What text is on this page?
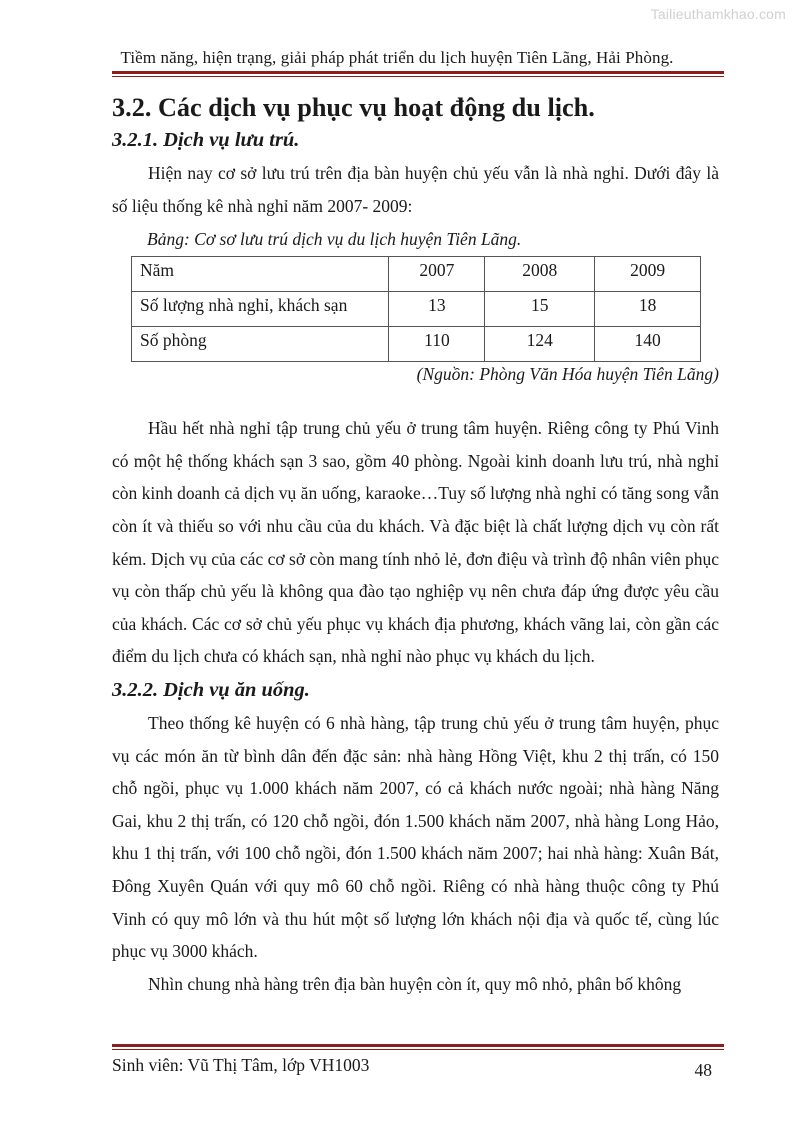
Tailieuthamkhao.com
Tiềm năng, hiện trạng, giải pháp phát triển du lịch huyện Tiên Lãng, Hải Phòng.
3.2. Các dịch vụ phục vụ hoạt động du lịch.
3.2.1. Dịch vụ lưu trú.

Hiện nay cơ sở lưu trú trên địa bàn huyện chủ yếu vẫn là nhà nghỉ. Dưới đây là số liệu thống kê nhà nghỉ năm 2007- 2009:

Bảng: Cơ sơ lưu trú dịch vụ du lịch huyện Tiên Lãng.

Năm	2007	2008	2009
Số lượng nhà nghỉ, khách sạn	13	15	18
Số phòng	110	124	140

(Nguồn: Phòng Văn Hóa huyện Tiên Lãng)

Hầu hết nhà nghỉ tập trung chủ yếu ở trung tâm huyện. Riêng công ty Phú Vinh có một hệ thống khách sạn 3 sao, gồm 40 phòng. Ngoài kinh doanh lưu trú, nhà nghỉ còn kinh doanh cả dịch vụ ăn uống, karaoke…Tuy số lượng nhà nghỉ có tăng song vẫn còn ít và thiếu so với nhu cầu của du khách. Và đặc biệt là chất lượng dịch vụ còn rất kém. Dịch vụ của các cơ sở còn mang tính nhỏ lẻ, đơn điệu và trình độ nhân viên phục vụ còn thấp chủ yếu là không qua đào tạo nghiệp vụ nên chưa đáp ứng được yêu cầu của khách. Các cơ sở chủ yếu phục vụ khách địa phương, khách vãng lai, còn gần các điểm du lịch chưa có khách sạn, nhà nghỉ nào phục vụ khách du lịch.

3.2.2. Dịch vụ ăn uống.

Theo thống kê huyện có 6 nhà hàng, tập trung chủ yếu ở trung tâm huyện, phục vụ các món ăn từ bình dân đến đặc sản: nhà hàng Hồng Việt, khu 2 thị trấn, có 150 chỗ ngồi, phục vụ 1.000 khách năm 2007, có cả khách nước ngoài; nhà hàng Năng Gai, khu 2 thị trấn, có 120 chỗ ngồi, đón 1.500 khách năm 2007, nhà hàng Long Hảo, khu 1 thị trấn, với 100 chỗ ngồi, đón 1.500 khách năm 2007; hai nhà hàng: Xuân Bát, Đông Xuyên Quán với quy mô 60 chỗ ngồi. Riêng có nhà hàng thuộc công ty Phú Vinh có quy mô lớn và thu hút một số lượng lớn khách nội địa và quốc tế, cùng lúc phục vụ 3000 khách.

Nhìn chung nhà hàng trên địa bàn huyện còn ít, quy mô nhỏ, phân bố không

Sinh viên: Vũ Thị Tâm, lớp VH1003	48
